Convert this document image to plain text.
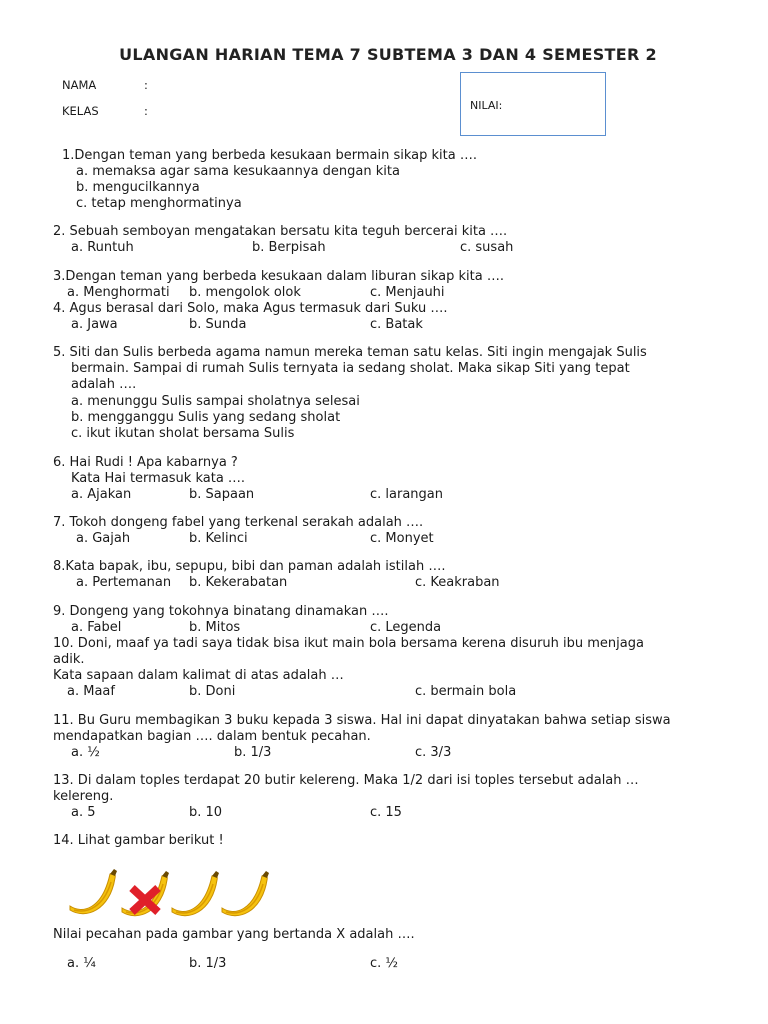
ULANGAN HARIAN TEMA 7 SUBTEMA 3 DAN 4 SEMESTER 2
NAMA	:
KELAS	:	NILAI:
1.Dengan teman yang berbeda kesukaan bermain sikap kita ….
a. memaksa agar sama kesukaannya dengan kita
b. mengucilkannya
c. tetap menghormatinya
2. Sebuah semboyan mengatakan bersatu kita teguh bercerai kita ….
a. Runtuh	b. Berpisah	c. susah
3.Dengan teman yang berbeda kesukaan dalam liburan sikap kita ….
a. Menghormati b. mengolok olok	c. Menjauhi
4. Agus berasal dari Solo, maka Agus termasuk dari Suku ….
a. Jawa	b. Sunda	c. Batak
5. Siti dan Sulis berbeda agama namun mereka teman satu kelas. Siti ingin mengajak Sulis
bermain. Sampai di rumah Sulis ternyata ia sedang sholat. Maka sikap Siti yang tepat
adalah ….
a. menunggu Sulis sampai sholatnya selesai
b. mengganggu Sulis yang sedang sholat
c. ikut ikutan sholat bersama Sulis
6. Hai Rudi ! Apa kabarnya ?
Kata Hai termasuk kata ….
a. Ajakan	b. Sapaan	c. larangan
7. Tokoh dongeng fabel yang terkenal serakah adalah ….
a. Gajah	b. Kelinci	c. Monyet
8.Kata bapak, ibu, sepupu, bibi dan paman adalah istilah ….
a. Pertemanan b. Kekerabatan	c. Keakraban
9. Dongeng yang tokohnya binatang dinamakan ….
a. Fabel	b. Mitos	c. Legenda
10. Doni, maaf ya tadi saya tidak bisa ikut main bola bersama kerena disuruh ibu menjaga
adik.
Kata sapaan dalam kalimat di atas adalah …
a. Maaf	b. Doni	c. bermain bola
11. Bu Guru membagikan 3 buku kepada 3 siswa. Hal ini dapat dinyatakan bahwa setiap siswa
mendapatkan bagian …. dalam bentuk pecahan.
a. ½	b. 1/3	c. 3/3
13. Di dalam toples terdapat 20 butir kelereng. Maka 1/2 dari isi toples tersebut adalah …
kelereng.
a. 5	b. 10	c. 15
14. Lihat gambar berikut !
Nilai pecahan pada gambar yang bertanda X adalah ….
a. ¼	b. 1/3	c. ½
